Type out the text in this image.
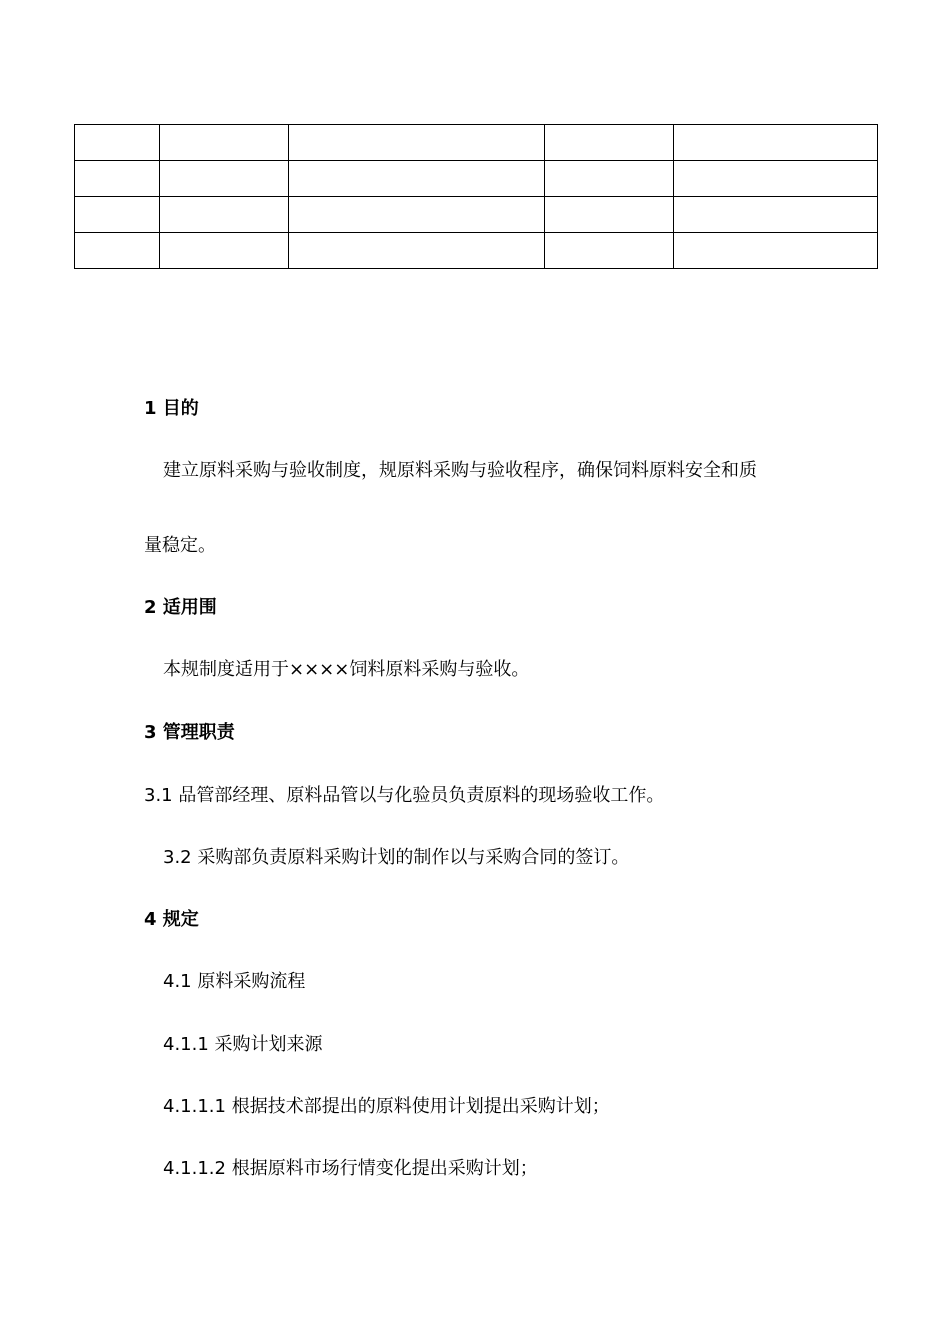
1 目的
建立原料采购与验收制度，规原料采购与验收程序，确保饲料原料安全和质
量稳定。
2 适用围
本规制度适用于××××饲料原料采购与验收。
3 管理职责
3.1 品管部经理、原料品管以与化验员负责原料的现场验收工作。
3.2 采购部负责原料采购计划的制作以与采购合同的签订。
4 规定
4.1 原料采购流程
4.1.1 采购计划来源
4.1.1.1 根据技术部提出的原料使用计划提出采购计划；
4.1.1.2 根据原料市场行情变化提出采购计划；
